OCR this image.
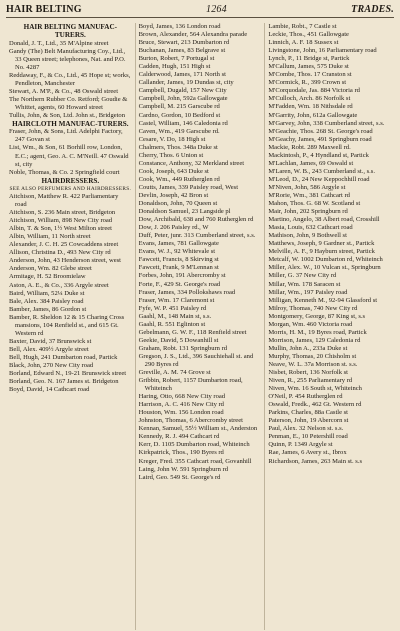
HAIR BELTING	1264	TRADES.

HAIR BELTING MANUFAC-TURERS.

Donald, J. T., Ltd., 35 M'Alpine street

Gandy (The) Belt Manufacturing Coy., Ltd., 33 Queen street; telephones, Nat. and P.O. No. 4287

Reddaway, F., & Co., Ltd., 45 Hope st; works, Pendleton, Manchester

Stewart, A. M'P., & Co., 48 Oswald street

The Northern Rubber Co. Retford; Goudie & Whittet, agents, 60 Howard street

Tullis, John, & Son, Ltd. John st., Bridgeton

HAIRCLOTH MANUFAC-TURERS.

Fraser, John, & Sons, Ltd. Adelphi Factory, 247 Govan st

List, Wm., & Son, 61 Borhill row, London, E.C.; agent, Geo. A. C. M'Neill. 47 Oswald st, city

Noble, Thomas, & Co. 2 Springfield court

HAIRDRESSERS.

SEE ALSO PERFUMERS AND HAIRDRESSERS.

Aitchison, Matthew R. 422 Parliamentary road

Aitchison, S. 236 Main street, Bridgeton

Aitchison, William, 898 New City road

Albin, T. & Son, 1½ West Milton street

Albin, William, 11 North street

Alexander, J. C. H. 25 Cowcaddens street

Allison, Christina D., 493 New City rd

Anderson, John, 43 Henderson street, west

Anderson, Wm. 82 Glebe street

Armitage, H. 52 Broomielaw

Aston, A. E., & Co., 336 Argyle street

Baird, William, 52¼ Duke st

Bale, Alex. 384 Paisley road

Bamber, James, 86 Gordon st

Bamber, R. Sheldon 12 & 15 Charing Cross mansions, 104 Renfield st., and 615 Gt. Western rd

Baxter, David, 37 Brunswick st

Bell, Alex. 409½ Argyle street

Bell, Hugh, 241 Dumbarton road, Partick

Black, John, 270 New City road

Borland, Edward N., 19-21 Brunswick street

Borland, Geo. N. 167 James st. Bridgeton

Boyd, David, 14 Cathcart road

Boyd, James, 136 London road

Brown, Alexander, 564 Alexandra parade

Bruce, Stewart, 213 Dumbarton rd

Buchanan, James, 83 Belgrave st

Burton, Robert, 7 Portugal st

Cadden, Hugh, 151 High st

Calderwood, James, 171 North st

Callander, James, 19 Dundas st, city

Campbell, Dugald, 157 New City

Campbell, John, 592a Gallowgate

Campbell, M. 215 Garscube rd

Cardno, Gordon, 10 Bedford st

Castel, William, 146 Caledonia rd

Caven, Wm., 419 Garscube rd.

Cesare, V. Do, 18 High st

Chalmers, Thos. 348a Duke st

Cherry, Thos. 6 Union st

Constance, Anthony, 32 Merkland street

Cook, Joseph, 643 Duke st

Cook, Wm., 449 Rutherglen rd

Coutts, James, 339 Paisley road, West

Devlin, Joseph, 42 Bron st

Donaldson, John, 70 Queen st

Donaldson Samuel, 23 Langside pl

Dow, Archibald, 638 and 760 Rutherglen rd

Dow, J. 206 Paisley rd., W

Duff, Peter, junr. 313 Cumberland street, s.s.

Evans, James, 781 Gallowgate

Evans, W. J., 92 Whitevale st

Fawcett, Francis, 8 Skirving st

Fawcett, Frank, 9 M'Lennan st

Forbes, John, 191 Abercromby st

Forte, F., 429 St. George's road

Fraser, James, 334 Pollokshaws road

Fraser, Wm. 17 Claremont st

Fyfe, W. P. 451 Paisley rd

Gaahl, M., 148 Main st, s.s.

Gaahl, R. 551 Eglinton st

Gebelmann, G. W. F., 118 Renfield street

Geekie, David, 5 Dowanhill st

Graham, Robt. 131 Springburn rd

Gregson, J. S., Ltd., 396 Sauchiehall st. and 290 Byres rd

Greville, A. M. 74 Grove st

Gribbin, Robert, 1157 Dumbarton road, Whiteinch

Haring, Otto, 668 New City road

Harrison, A. C. 416 New City rd

Houston, Wm. 156 London road

Johnston, Thomas, 6 Abercromby street

Kennan, Samuel, 55½ William st., Anderston

Kennedy, R. J. 494 Cathcart rd

Kerr, D. 1105 Dumbarton road, Whiteinch

Kirkpatrick, Thos., 190 Byres rd

Kreger, Fred. 355 Cathcart road, Govanhill

Laing, John W. 591 Springburn rd

Laird, Geo. 549 St. George's rd

Lambie, Robt., 7 Castle st

Leckie, Thos., 451 Gallowgate

Linnich, A. F. 18 Sussex st

Livingstone, John, 16 Parliamentary road

Lynch, P., 11 Bridge st, Partick

M'Callum, James, 575 Duke st

M'Combe, Thos. 17 Cranston st

M'Cormick, R., 399 Crown st

M'Corquodale, Jas. 884 Victoria rd

M'Culloch, Arch. 86 Norfolk st

M'Fadden, Wm. 18 Nithsdale rd

M'Garrity, John, 612a Gallowgate

M'Garvey, John, 338 Cumberland street, s.s.

M'Geachie, Thos. 268 St. George's road

M'Geachy, James, 491 Springburn road

Mackie, Robt. 289 Maxwell rd.

Mackintosh, P., 4 Hyndland st, Partick

M'Lachlan, James, 69 Oswald st

M'Laren, W. B., 243 Cumberland st., s.s.

M'Leod, D., 24 New Keppochhill road

M'Niven, John, 586 Argyle st

M'Rorie, Wm., 381 Cathcart rd

Mahon, Thos. G. 68 W. Scotland st

Mair, John, 202 Springburn rd

Martino, Angelo, 38 Albert road, Crosshill

Masia, Louis, 632 Cathcart road

Mathison, John, 9 Bothwell st

Matthews, Joseph, 9 Gardner st., Partick

Melville, A. F., 9 Hayburn street, Partick

Metcalf, W. 1002 Dumbarton rd, Whiteinch

Miller, Alex. W., 10 Vulcan st., Springburn

Miller, G. 37 New City rd

Millar, Wm. 178 Saracen st

Millar, Wm., 197 Paisley road

Milligan, Kenneth M., 92-94 Glassford st

Milroy, Thomas, 740 New City rd

Montgomery, George, 87 King st, s.s

Morgan, Wm. 460 Victoria road

Morris, H. M., 19 Byres road, Partick

Morrison, James, 129 Caledonia rd

Mullin, John A., 233a Duke st

Murphy, Thomas, 20 Chisholm st

Neave, W. L. 37a Morrison st. s.s.

Nisbet, Robert, 136 Norfolk st

Niven, R., 255 Parliamentary rd

Niven, Wm. 16 South st, Whiteinch

O'Neil, P. 454 Rutherglen rd

Oswald, Fredk., 462 Gt. Western rd

Parkins, Charles, 88a Castle st

Paterson, John, 19 Abercorn st

Paul, Alex. 32 Nelson st. s.s.

Penman, E., 10 Petershill road

Quinn, P. 1349 Argyle st

Rae, James, 6 Avery st., Ibrox

Richardson, James, 263 Main st. s.s
